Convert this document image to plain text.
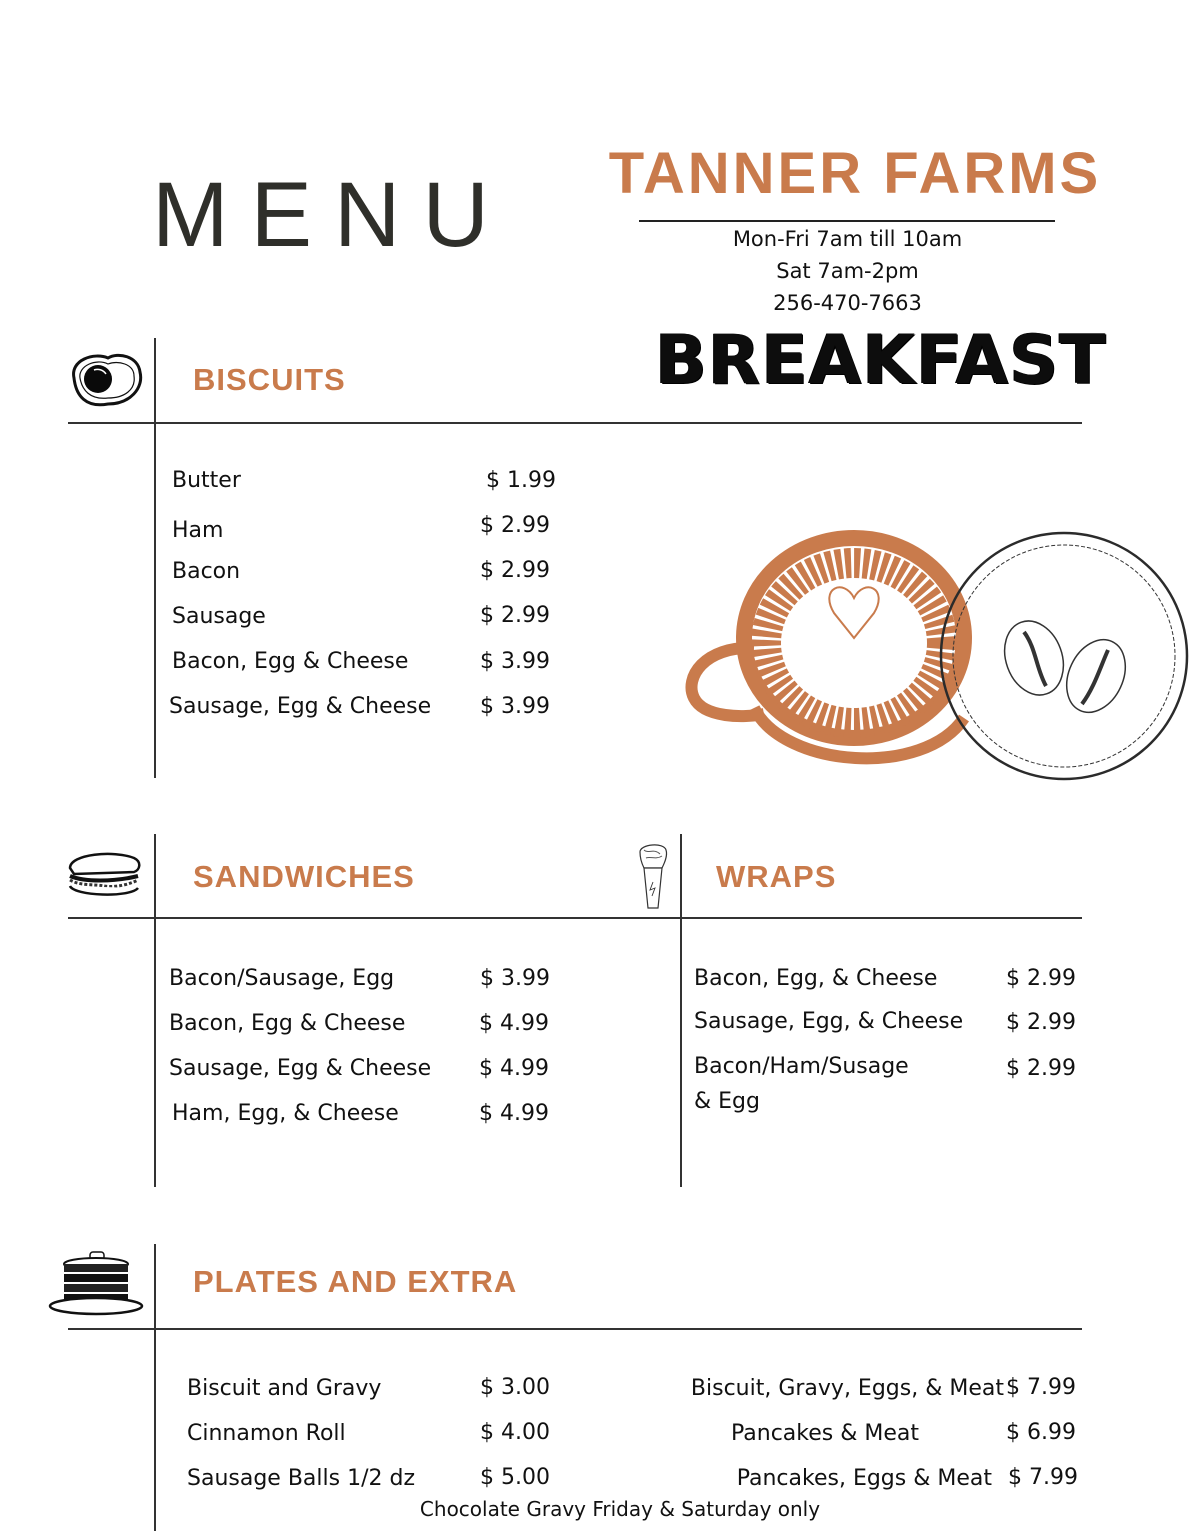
MENU TANNER FARMS
Mon-Fri 7am till 10am
Sat 7am-2pm
256-470-7663
BREAKFAST
BISCUITS
Butter	$ 1.99
Ham	$ 2.99
Bacon	$ 2.99
Sausage	$ 2.99
Bacon, Egg & Cheese	$ 3.99
Sausage, Egg & Cheese $ 3.99
SANDWICHES
Bacon/Sausage, Egg	$ 3.99
Bacon, Egg & Cheese	$ 4.99
Sausage, Egg & Cheese $ 4.99
Ham, Egg, & Cheese	$ 4.99
WRAPS
Bacon, Egg, & Cheese	$ 2.99
Sausage, Egg, & Cheese $ 2.99
Bacon/Ham/Susage
& Egg
$ 2.99
PLATES AND EXTRA
Biscuit and Gravy	$ 3.00
Cinnamon Roll	$ 4.00
Sausage Balls 1/2 dz	$ 5.00
Biscuit, Gravy, Eggs, & Meat $ 7.99
Pancakes & Meat	$ 6.99
Pancakes, Eggs & Meat $ 7.99
Chocolate Gravy Friday & Saturday only
